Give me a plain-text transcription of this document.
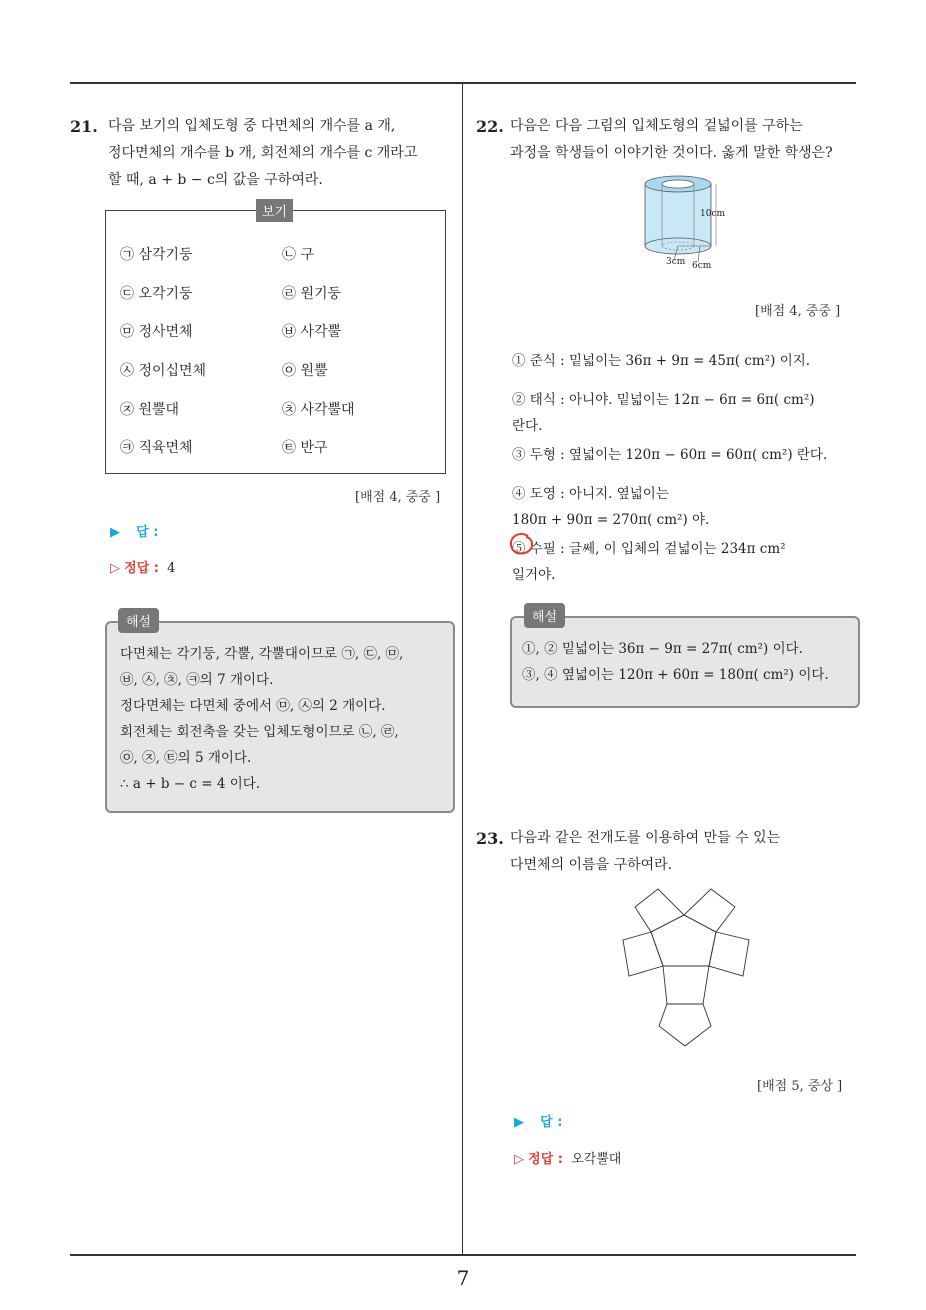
21. 다음 보기의 입체도형 중 다면체의 개수를 a 개,
정다면체의 개수를 b 개, 회전체의 개수를 c 개라고
할 때, a + b − c의 값을 구하여라.
보기
㉠ 삼각기둥	㉡ 구
㉢ 오각기둥	㉣ 원기둥
㉤ 정사면체	㉥ 사각뿔
㉦ 정이십면체	㉧ 원뿔
㉨ 원뿔대	㉩ 사각뿔대
㉪ 직육면체	㉫ 반구
[배점 4, 중중 ]
▶ 답 :
▷ 정답 : 4
해설
다면체는 각기둥, 각뿔, 각뿔대이므로 ㉠, ㉢, ㉤,
㉥, ㉦, ㉩, ㉪의 7 개이다.
정다면체는 다면체 중에서 ㉤, ㉦의 2 개이다.
회전체는 회전축을 갖는 입체도형이므로 ㉡, ㉣,
㉧, ㉨, ㉫의 5 개이다.
∴ a + b − c = 4 이다.
22. 다음은 다음 그림의 입체도형의 겉넓이를 구하는
과정을 학생들이 이야기한 것이다. 옳게 말한 학생은?
10cm
3cm 6cm
[배점 4, 중중 ]
① 준식 : 밑넓이는 36π + 9π = 45π( cm²) 이지.
② 태식 : 아니야. 밑넓이는 12π − 6π = 6π( cm²)
란다.
③ 두형 : 옆넓이는 120π − 60π = 60π( cm²) 란다.
④ 도영 : 아니지. 옆넓이는
180π + 90π = 270π( cm²) 야.
⑤ 수필 : 글쎄, 이 입체의 겉넓이는 234π cm²
일거야.
해설
①, ② 밑넓이는 36π − 9π = 27π( cm²) 이다.
③, ④ 옆넓이는 120π + 60π = 180π( cm²) 이다.
23. 다음과 같은 전개도를 이용하여 만들 수 있는
다면체의 이름을 구하여라.
[배점 5, 중상 ]
▶ 답 :
▷ 정답 : 오각뿔대
7
